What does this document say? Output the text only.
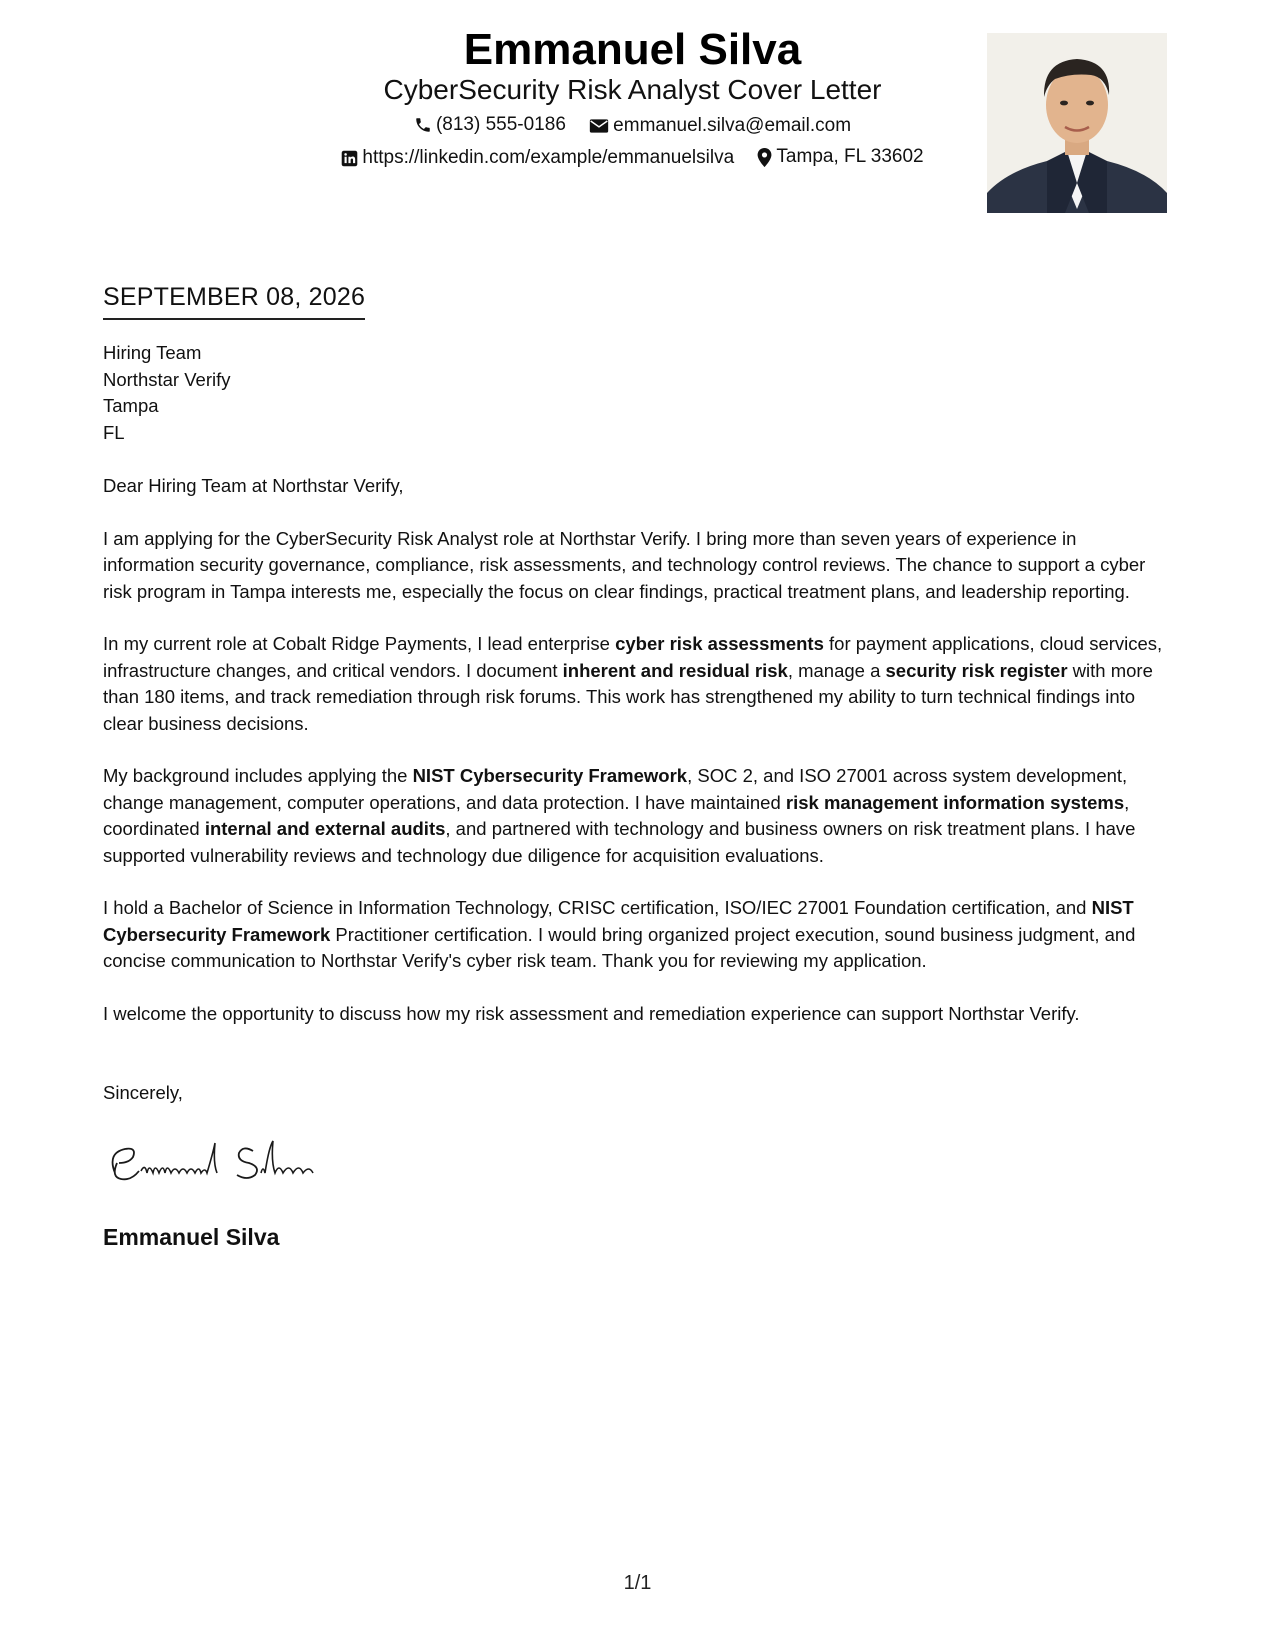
Emmanuel Silva
CyberSecurity Risk Analyst Cover Letter
(813) 555-0186
emmanuel.silva@email.com
https://linkedin.com/example/emmanuelsilva
Tampa, FL 33602
SEPTEMBER 08, 2026
Hiring Team
Northstar Verify
Tampa
FL

Dear Hiring Team at Northstar Verify,

I am applying for the CyberSecurity Risk Analyst role at Northstar Verify. I bring more than seven years of experience in information security governance, compliance, risk assessments, and technology control reviews. The chance to support a cyber risk program in Tampa interests me, especially the focus on clear findings, practical treatment plans, and leadership reporting.

In my current role at Cobalt Ridge Payments, I lead enterprise cyber risk assessments for payment applications, cloud services, infrastructure changes, and critical vendors. I document inherent and residual risk, manage a security risk register with more than 180 items, and track remediation through risk forums. This work has strengthened my ability to turn technical findings into clear business decisions.

My background includes applying the NIST Cybersecurity Framework, SOC 2, and ISO 27001 across system development, change management, computer operations, and data protection. I have maintained risk management information systems, coordinated internal and external audits, and partnered with technology and business owners on risk treatment plans. I have supported vulnerability reviews and technology due diligence for acquisition evaluations.

I hold a Bachelor of Science in Information Technology, CRISC certification, ISO/IEC 27001 Foundation certification, and NIST Cybersecurity Framework Practitioner certification. I would bring organized project execution, sound business judgment, and concise communication to Northstar Verify's cyber risk team. Thank you for reviewing my application.

I welcome the opportunity to discuss how my risk assessment and remediation experience can support Northstar Verify.

Sincerely,
Emmanuel Silva
1/1
